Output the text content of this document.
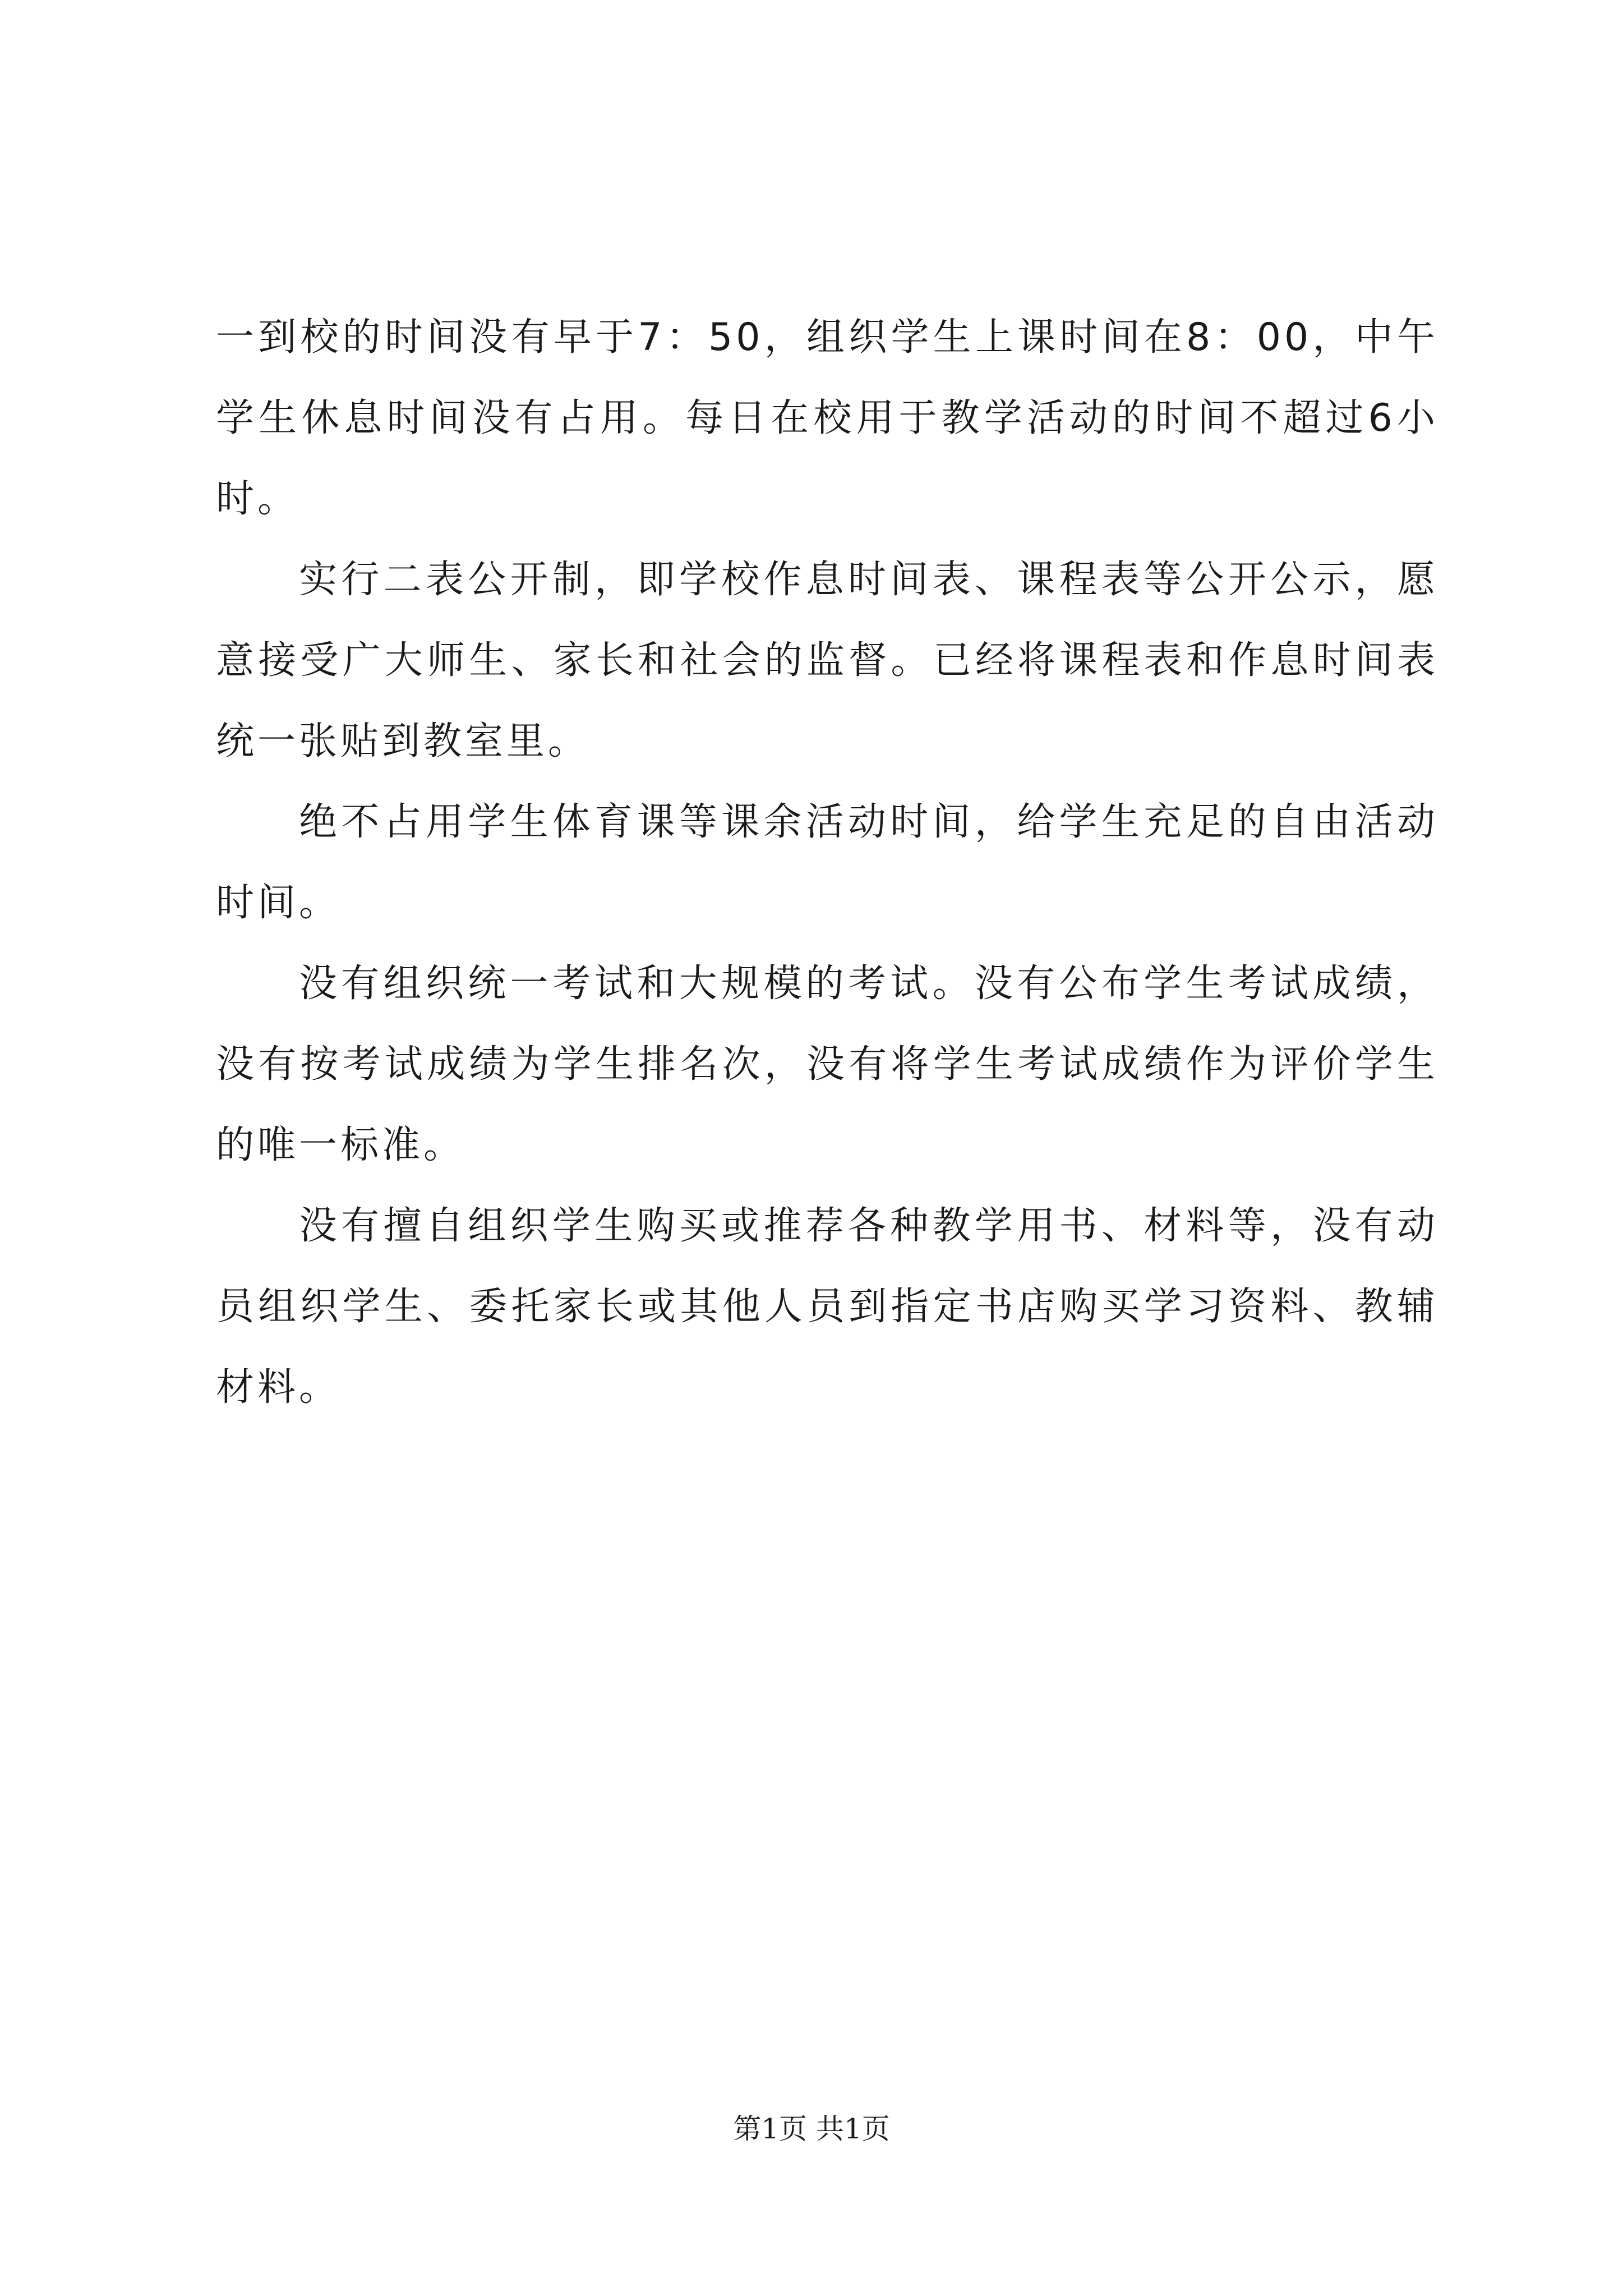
一到校的时间没有早于7：50，组织学生上课时间在8：00，中午学生休息时间没有占用。每日在校用于教学活动的时间不超过6小时。

实行二表公开制，即学校作息时间表、课程表等公开公示，愿意接受广大师生、家长和社会的监督。已经将课程表和作息时间表统一张贴到教室里。

绝不占用学生体育课等课余活动时间，给学生充足的自由活动时间。

没有组织统一考试和大规模的考试。没有公布学生考试成绩，没有按考试成绩为学生排名次，没有将学生考试成绩作为评价学生的唯一标准。

没有擅自组织学生购买或推荐各种教学用书、材料等，没有动员组织学生、委托家长或其他人员到指定书店购买学习资料、教辅材料。

第1页 共1页
